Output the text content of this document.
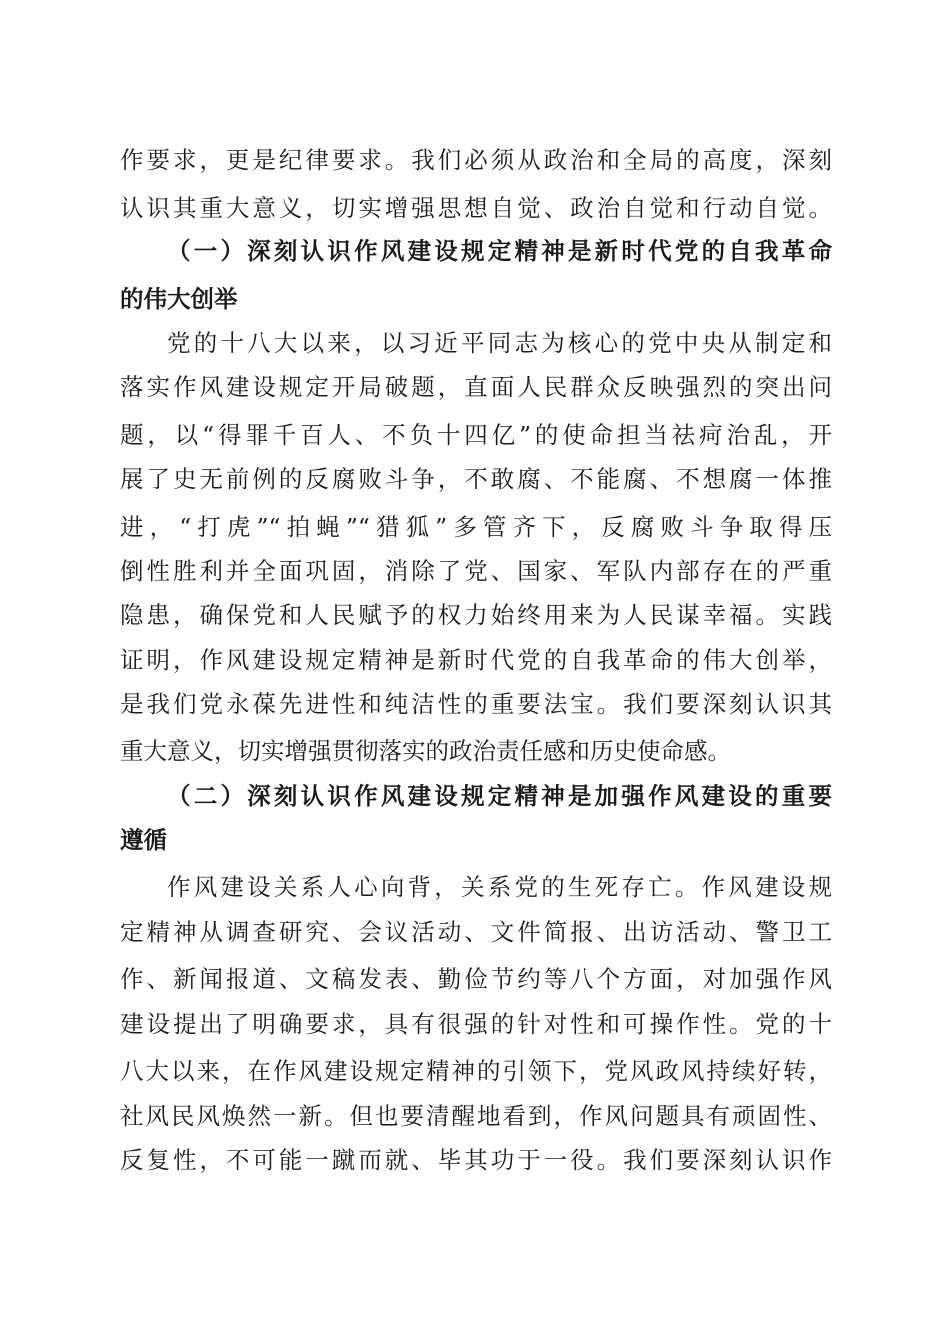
作要求，更是纪律要求。我们必须从政治和全局的高度，深刻
认识其重大意义，切实增强思想自觉、政治自觉和行动自觉。
（一）深刻认识作风建设规定精神是新时代党的自我革命
的伟大创举
党的十八大以来，以习近平同志为核心的党中央从制定和
落实作风建设规定开局破题，直面人民群众反映强烈的突出问
题，以“得罪千百人、不负十四亿”的使命担当祛疴治乱，开
展了史无前例的反腐败斗争，不敢腐、不能腐、不想腐一体推
进，“打虎”“拍蝇”“猎狐”多管齐下，反腐败斗争取得压
倒性胜利并全面巩固，消除了党、国家、军队内部存在的严重
隐患，确保党和人民赋予的权力始终用来为人民谋幸福。实践
证明，作风建设规定精神是新时代党的自我革命的伟大创举，
是我们党永葆先进性和纯洁性的重要法宝。我们要深刻认识其
重大意义，切实增强贯彻落实的政治责任感和历史使命感。
（二）深刻认识作风建设规定精神是加强作风建设的重要
遵循
作风建设关系人心向背，关系党的生死存亡。作风建设规
定精神从调查研究、会议活动、文件简报、出访活动、警卫工
作、新闻报道、文稿发表、勤俭节约等八个方面，对加强作风
建设提出了明确要求，具有很强的针对性和可操作性。党的十
八大以来，在作风建设规定精神的引领下，党风政风持续好转，
社风民风焕然一新。但也要清醒地看到，作风问题具有顽固性、
反复性，不可能一蹴而就、毕其功于一役。我们要深刻认识作
